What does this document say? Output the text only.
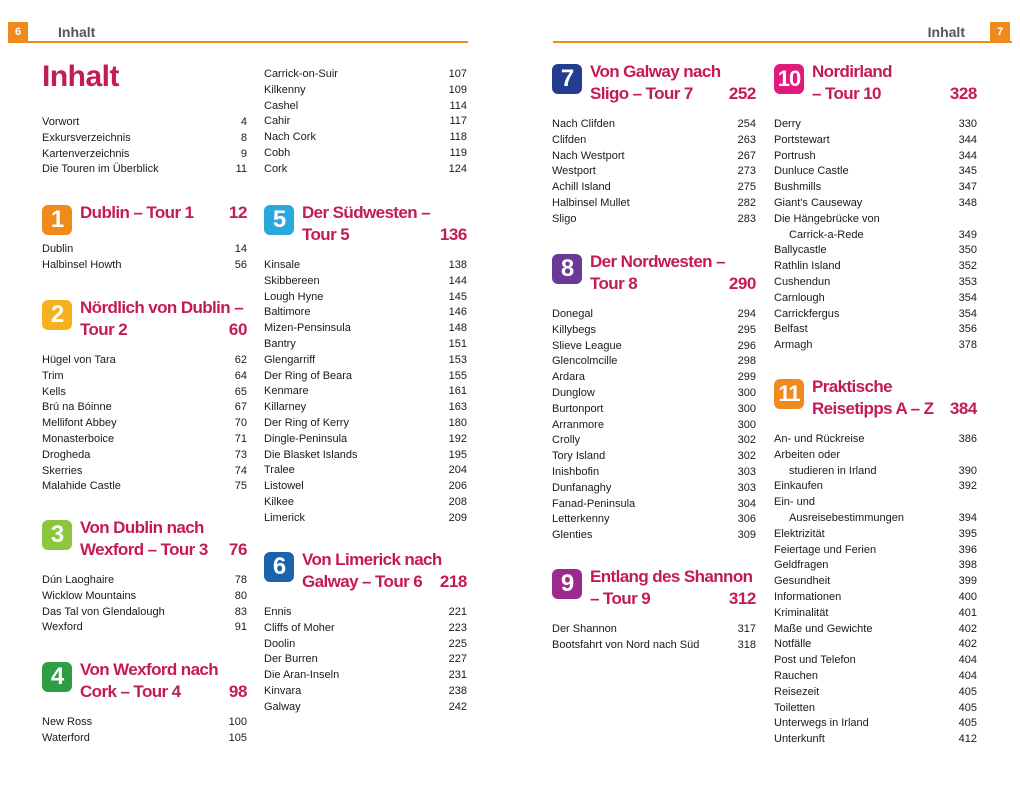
6	Inhalt	7
Inhalt
Inhalt
Vorwort	4
Exkursverzeichnis	8
Kartenverzeichnis	9
Die Touren im Überblick	11
1 Dublin – Tour 1 12
Dublin	14
Halbinsel Howth	56
2 Nördlich von Dublin –
Tour 2	60
Hügel von Tara	62
Trim	64
Kells	65
Brú na Bóinne	67
Mellifont Abbey	70
Monasterboice	71
Drogheda	73
Skerries	74
Malahide Castle	75
3 Von Dublin nach
Wexford – Tour 3 76
Dún Laoghaire	78
Wicklow Mountains	80
Das Tal von Glendalough	83
Wexford	91
4 Von Wexford nach
Cork – Tour 4	98
New Ross	100
Waterford	105
Carrick-on-Suir	107
Kilkenny	109
Cashel	114
Cahir	117
Nach Cork	118
Cobh	119
Cork	124
5 Der Südwesten –
Tour 5	136
Kinsale	138
Skibbereen	144
Lough Hyne	145
Baltimore	146
Mizen-Pensinsula	148
Bantry	151
Glengarriff	153
Der Ring of Beara	155
Kenmare	161
Killarney	163
Der Ring of Kerry	180
Dingle-Peninsula	192
Die Blasket Islands	195
Tralee	204
Listowel	206
Kilkee	208
Limerick	209
6 Von Limerick nach
Galway – Tour 6 218
Ennis	221
Cliffs of Moher	223
Doolin	225
Der Burren	227
Die Aran-Inseln	231
Kinvara	238
Galway	242
7 Von Galway nach
Sligo – Tour 7 252
Nach Clifden	254
Clifden	263
Nach Westport	267
Westport	273
Achill Island	275
Halbinsel Mullet	282
Sligo	283
8 Der Nordwesten –
Tour 8	290
Donegal	294
Killybegs	295
Slieve League	296
Glencolmcille	298
Ardara	299
Dunglow	300
Burtonport	300
Arranmore	300
Crolly	302
Tory Island	302
Inishbofin	303
Dunfanaghy	303
Fanad-Peninsula	304
Letterkenny	306
Glenties	309
9 Entlang des Shannon
– Tour 9	312
Der Shannon	317
Bootsfahrt von Nord nach Süd	318
10 Nordirland
– Tour 10	328
Derry	330
Portstewart	344
Portrush	344
Dunluce Castle	345
Bushmills	347
Giant's Causeway	348
Die Hängebrücke von
Carrick-a-Rede	349
Ballycastle	350
Rathlin Island	352
Cushendun	353
Carnlough	354
Carrickfergus	354
Belfast	356
Armagh	378
11 Praktische
Reisetipps A – Z 384
An- und Rückreise	386
Arbeiten oder
studieren in Irland	390
Einkaufen	392
Ein- und
Ausreisebestimmungen	394
Elektrizität	395
Feiertage und Ferien	396
Geldfragen	398
Gesundheit	399
Informationen	400
Kriminalität	401
Maße und Gewichte	402
Notfälle	402
Post und Telefon	404
Rauchen	404
Reisezeit	405
Toiletten	405
Unterwegs in Irland	405
Unterkunft	412
